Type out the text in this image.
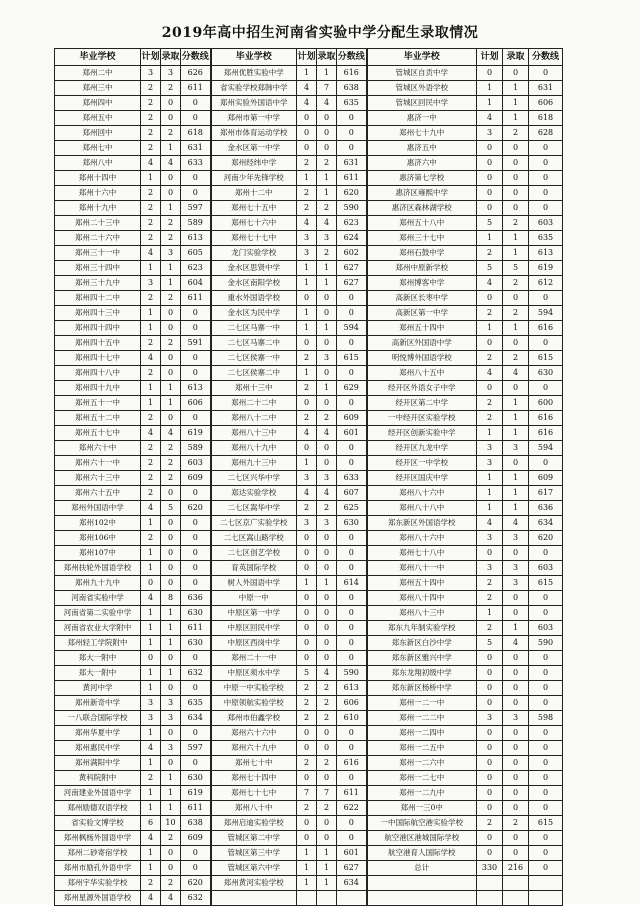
2019年高中招生河南省实验中学分配生录取情况
毕业学校	计划	录取	分数线	毕业学校	计划	录取	分数线	毕业学校	计划	录取	分数线
郑州二中	3	3	626	郑州优胜实验中学	1	1	616	管城区自贡中学	0	0	0
郑州三中	2	2	611	省实验学校郑韩中学	4	7	638	管城区外语学校	1	1	631
郑州四中	2	0	0	郑州实验外国语中学	4	4	635	管城区回民中学	1	1	606
郑州五中	2	0	0	郑州市第一中学	0	0	0	惠济一中	4	1	618
郑州回中	2	2	618	郑州市体育运动学校	0	0	0	郑州七十九中	3	2	628
郑州七中	2	1	631	金水区第一中学	0	0	0	惠济五中	0	0	0
郑州八中	4	4	633	郑州经纬中学	2	2	631	惠济六中	0	0	0
郑州十四中	1	0	0	河南少年先锋学校	1	1	611	惠济第七学校	0	0	0
郑州十六中	2	0	0	郑州十二中	2	1	620	惠济区雍熙中学	0	0	0
郑州十九中	2	1	597	郑州七十五中	2	2	590	惠济区森林湖学校	0	0	0
郑州二十三中	2	2	589	郑州七十六中	4	4	623	郑州五十八中	5	2	603
郑州二十六中	2	2	613	郑州七十七中	3	3	624	郑州三十七中	1	1	635
郑州三十一中	4	3	605	龙门实验学校	3	2	602	郑州石鼓中学	2	1	613
郑州三十四中	1	1	623	金水区思贤中学	1	1	627	郑州中原新学校	5	5	619
郑州三十九中	3	1	604	金水区南阳学校	1	1	627	郑州博客中学	4	2	612
郑州四十二中	2	2	611	重水外国语学校	0	0	0	高新区长枣中学	0	0	0
郑州四十三中	1	0	0	金水区为民中学	1	0	0	高新区第一中学	2	2	594
郑州四十四中	1	0	0	二七区马寨一中	1	1	594	郑州五十四中	1	1	616
郑州四十五中	2	2	591	二七区马寨二中	0	0	0	高新区外国语中学	0	0	0
郑州四十七中	4	0	0	二七区侯寨一中	2	3	615	明悦博外国语学校	2	2	615
郑州四十八中	2	0	0	二七区侯寨二中	1	0	0	郑州八十五中	4	4	630
郑州四十九中	1	1	613	郑州十三中	2	1	629	经开区外语女子中学	0	0	0
郑州五十一中	1	1	606	郑州二十二中	0	0	0	经开区第二中学	2	1	600
郑州五十二中	2	0	0	郑州八十二中	2	2	609	一中经开区实验学校	2	1	616
郑州五十七中	4	4	619	郑州八十三中	4	4	601	经开区创新实验中学	1	1	616
郑州六十中	2	2	589	郑州八十九中	0	0	0	经开区九龙中学	3	3	594
郑州六十一中	2	2	603	郑州九十三中	1	0	0	经开区一中学校	3	0	0
郑州六十三中	2	2	609	二七区兴华中学	3	3	633	经开区国庆中学	1	1	609
郑州六十五中	2	0	0	郑达实验学校	4	4	607	郑州八十六中	1	1	617
郑州外国语中学	4	5	620	二七区嵩华中学	2	2	625	郑州八十八中	1	1	636
郑州102中	1	0	0	二七区京广实验学校	3	3	630	郑东新区外国语学校	4	4	634
郑州106中	2	0	0	二七区嵩山路学校	0	0	0	郑州八十六中	3	3	620
郑州107中	1	0	0	二七区创艺学校	0	0	0	郑州七十八中	0	0	0
郑州扶轮外国语学校	1	0	0	育英国际学校	0	0	0	郑州八十一中	3	3	603
郑州九十九中	0	0	0	树人外国语中学	1	1	614	郑州五十四中	2	3	615
河南省实验中学	4	8	636	中原一中	0	0	0	郑州八十四中	2	0	0
河南省第二实验中学	1	1	630	中原区第一中学	0	0	0	郑州八十三中	1	0	0
河南省农业大学附中	1	1	611	中原区回民中学	0	0	0	郑东九年制实验学校	2	1	603
郑州轻工学院附中	1	1	630	中原区西岗中学	0	0	0	郑东新区白沙中学	5	4	590
郑大一附中	0	0	0	郑州二十一中	0	0	0	郑东新区雅兴中学	0	0	0
郑大一附中	1	1	632	中原区须水中学	5	4	590	郑东龙翔初级中学	0	0	0
黄河中学	1	0	0	中原一中实验学校	2	2	613	郑东新区杨桥中学	0	0	0
郑州新奇中学	3	3	635	中原领航实验学校	2	2	606	郑州一二一中	0	0	0
一八联合国际学校	3	3	634	郑州市伯鑫学校	2	2	610	郑州一二二中	3	3	598
郑州华夏中学	1	0	0	郑州六十六中	0	0	0	郑州一二四中	0	0	0
郑州惠民中学	4	3	597	郑州六十九中	0	0	0	郑州一二五中	0	0	0
郑州满阳中学	1	0	0	郑州七十中	2	2	616	郑州一二六中	0	0	0
黄科院附中	2	1	630	郑州七十四中	0	0	0	郑州一二七中	0	0	0
河南建业外国语中学	1	1	619	郑州七十七中	7	7	611	郑州一二九中	0	0	0
郑州励德双语学校	1	1	611	郑州八十中	2	2	622	郑州一三0中	0	0	0
省实验文博学校	6	10	638	郑州启迪实验学校	0	0	0	一中国际航空港实验学校	2	2	615
郑州枫杨外国语中学	4	2	609	管城区第二中学	0	0	0	航空港区港城国际学校	0	0	0
郑州二砂寄宿学校	1	0	0	管城区第三中学	1	1	601	航空港育人国际学校	0	0	0
郑州市励孔外语中学	1	0	0	管城区第六中学	1	1	627	总计	330	216	0
郑州宇华实验学校	2	2	620	郑州黄河实验学校	1	1	634				
郑州星源外国语学校	4	4	632								
